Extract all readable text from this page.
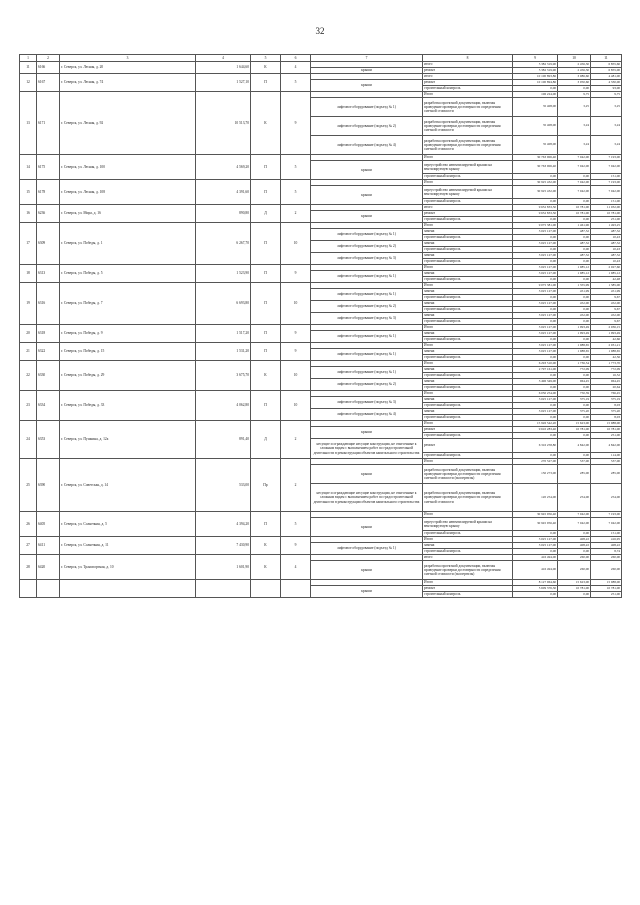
32
1	2	3	4	5	6	7	8	9	10	11
11	6166	г. Северск, ул. Лесная, д. 20	1 644,60	К	4		итого	5 382 319,90	2 456,30	6 855,60
						крыши	ремонт	5 382 319,90	2 456,30	6 855,00
12	6167	г. Северск, ул. Лесная, д. 74	1 527,10	П	5		итого	10 100 893,86	3 086,60	4 481,00
						крыши	ремонт	10 100 894,86	3 050,60	4 330,00
							строительный контроль	0,00	0,00	93,00
13	6171	г. Северск, ул. Лесная, д. 92	10 513,70	К	9		Итого	106 224,00	9,75	9,75
						лифтовое оборудование (подъезд № 1)	разработка проектной документации, включая проведение проверки достоверности определения сметной стоимости	35 408,00	3,25	3,25
						лифтовое оборудование (подъезд № 2)	разработка проектной документации, включая проведение проверки достоверности определения сметной стоимости	35 408,00	3,24	3,24
						лифтовое оборудование (подъезд № 4)	разработка проектной документации, включая проведение проверки достоверности определения сметной стоимости	35 408,00	3,24	3,24
14	6175	г. Северск, ул. Лесная, д. 100	4 569,20	П	5		Итого	30 763 906,40	7 042,00	7 193,00
						крыши	переустройство невентилируемой крыши на вентилируемую крышу	30 763 906,40	7 042,00	7 042,00
							строительный контроль	0,00	0,00	151,00
15	6178	г. Северск, ул. Лесная, д. 108	4 391,60	П	5		Итого	30 925 432,00	7 042,00	7 193,00
						крыши	переустройство невентилируемой крыши на вентилируемую крышу	30 925 432,00	7 042,00	7 042,00
							строительный контроль	0,00	0,00	151,00
16	6236	г. Северск, ул. Мира, д. 16	890,80	Д	2		итого	9 652 833,50	10 781,00	11 032,00
						крыши	ремонт	9 652 833,50	10 781,00	10 781,00
							строительный контроль	0,00	0,00	251,00
17	6309	г. Северск, ул. Победы, д. 1	6 267,70	П	10		Итого	9 075 381,00	1 461,96	1 493,25
						лифтовое оборудование (подъезд № 1)	замена	3 025 127,00	487,32	487,32
							строительный контроль	0,00	0,00	10,43
						лифтовое оборудование (подъезд № 2)	замена	3 025 127,00	487,32	487,32
							строительный контроль	0,00	0,00	10,43
						лифтовое оборудование (подъезд № 3)	замена	3 025 127,00	487,32	487,32
							строительный контроль	0,00	0,00	10,43
18	6313	г. Северск, ул. Победы, д. 5	1 523,90	П	9		Итого	3 025 127,00	1 985,12	2 027,60
						лифтовое оборудование (подъезд № 1)	замена	3 025 127,00	1 985,12	1 985,12
							строительный контроль	0,00	0,00	42,48
19	6316	г. Северск, ул. Победы, д. 7	6 693,80	П	10		Итого	9 075 381,00	1 355,99	1 385,00
						лифтовое оборудование (подъезд № 1)	замена	3 025 127,00	451,99	451,99
							строительный контроль	0,00	0,00	9,67
						лифтовое оборудование (подъезд № 2)	замена	3 025 127,00	452,00	452,00
							строительный контроль	0,00	0,00	9,67
						лифтовое оборудование (подъезд № 3)	замена	3 025 127,00	452,00	452,00
							строительный контроль	0,00	0,00	9,67
20	6318	г. Северск, ул. Победы, д. 9	1 517,20	П	9		Итого	3 025 127,00	1 993,49	2 036,15
						лифтовое оборудование (подъезд № 1)	замена	3 025 127,00	1 993,49	1 993,49
							строительный контроль	0,00	0,00	42,66
21	6322	г. Северск, ул. Победы, д. 15	1 531,20	П	9		Итого	3 025 127,00	1 988,65	2 031,21
						лифтовое оборудование (подъезд № 1)	замена	3 025 127,00	1 988,65	1 988,65
							строительный контроль	0,00	0,00	42,56
22	6330	г. Северск, ул. Победы, д. 29	3 675,70	К	10		Итого	6 293 510,00	1 736,54	1 773,70
						лифтовое оборудование (подъезд № 1)	замена	2 797 161,00	772,09	772,09
							строительный контроль	0,00	0,00	16,52
						лифтовое оборудование (подъезд № 2)	замена	3 496 349,00	964,45	964,45
							строительный контроль	0,00	0,00	20,64
23	6334	г. Северск, ул. Победы, д. 33	4 062,80	П	10		Итого	6 050 254,00	750,39	766,45
						лифтовое оборудование (подъезд № 3)	замена	3 025 127,00	375,19	375,19
							строительный контроль	0,00	0,00	8,03
						лифтовое оборудование (подъезд № 4)	замена	3 025 127,00	375,20	375,20
							строительный контроль	0,00	0,00	8,03
24	6353	г. Северск, ул. Пушкина, д. 12а	891,40	Д	2		Итого	15 926 542,20	15 623,00	15 988,00
						крыши	ремонт	9 610 283,40	10 781,00	10 781,00
							строительный контроль	0,00	0,00	251,00
						несущие и ограждающие несущие конструкции, не отнесенные к сложным видам с выполнением работ по градостроительной деятельности в реконструкции объектов капитального строительства	ремонт	6 316 258,80	4 842,00	4 842,00
							строительный контроль	0,00	0,00	114,00
25	6390	г. Северск, ул. Советская, д. 14	533,00	Пр	2		Итого	270 527,00	537,00	537,00
						крыши	разработка проектной документации, включая проведение проверки достоверности определения сметной стоимости (экспертизы)	150 273,00	285,00	285,00
						несущие и ограждающие несущие конструкции, не отнесенные к сложным видам с выполнением работ по градостроительной деятельности в реконструкции объектов капитального строительства	разработка проектной документации, включая проведение проверки достоверности определения сметной стоимости	120 254,00	254,00	254,00
26	6405	г. Северск, ул. Солнечная, д. 5	4 394,20	П	5		Итого	30 945 956,40	7 042,00	7 193,00
						крыши	переустройство невентилируемой крыши на вентилируемую крышу	30 945 956,40	7 042,00	7 042,00
							строительный контроль	0,00	0,00	151,00
27	6411	г. Северск, ул. Солнечная, д. 11	7 430,90	К	9		Итого	3 025 127,00	408,22	416,95
						лифтовое оборудование (подъезд № 1)	замена	3 025 127,00	408,22	408,22
							строительный контроль	0,00	0,00	8,74
28	6420	г. Северск, ул. Транспортная, д. 10	1 601,90	К	4		итого	416 494,00	260,00	260,00
						крыши	разработка проектной документации, включая проведение проверки достоверности определения сметной стоимости (экспертизы)	416 494,00	260,00	260,00
							Итого	8 127 964,60	15 623,00	15 988,00
						крыши	ремонт	5 609 376,30	10 781,00	10 781,00
							строительный контроль	0,00	0,00	251,00
